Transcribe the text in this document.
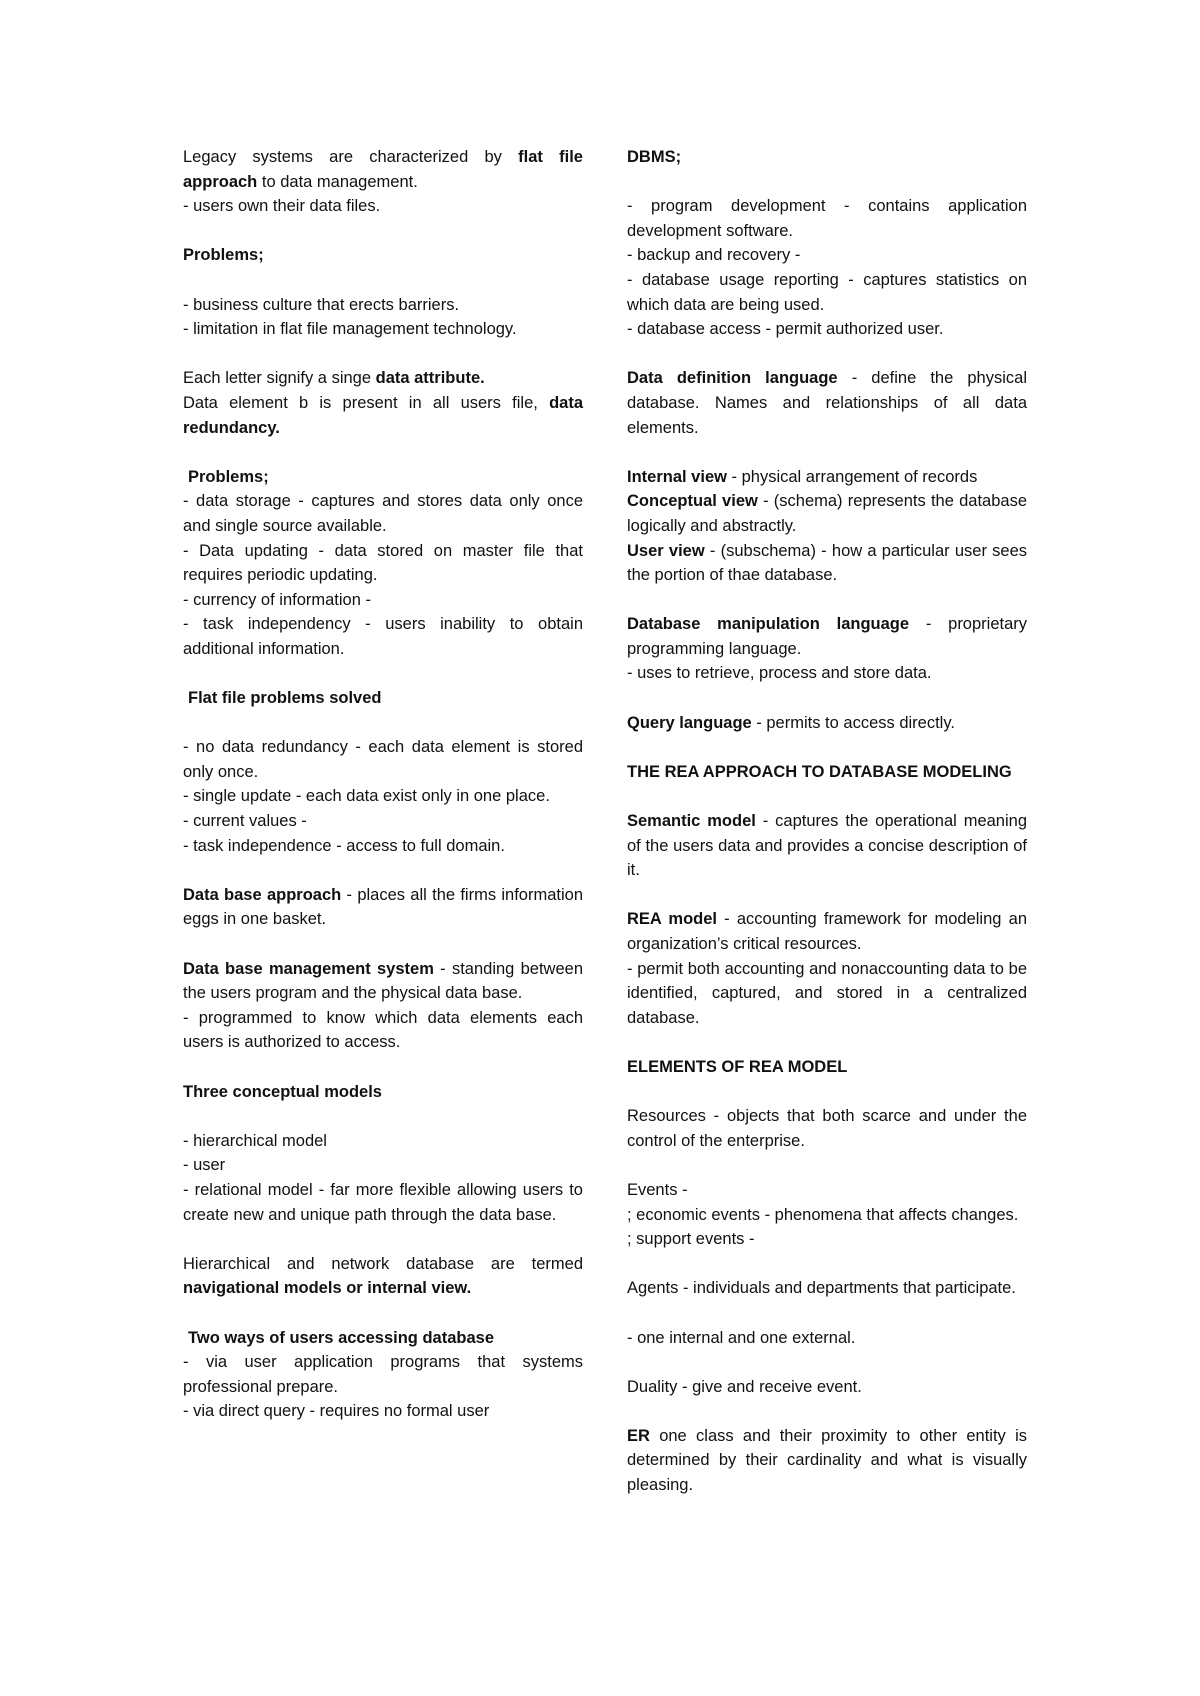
Legacy systems are characterized by flat file approach to data management.
- users own their data files.

Problems;

- business culture that erects barriers.
- limitation in flat file management technology.

Each letter signify a singe data attribute.
Data element b is present in all users file, data redundancy.

Problems;
- data storage - captures and stores data only once and single source available.
- Data updating - data stored on master file that requires periodic updating.
- currency of information -
- task independency - users inability to obtain additional information.

Flat file problems solved

- no data redundancy - each data element is stored only once.
- single update - each data exist only in one place.
- current values -
- task independence - access to full domain.

Data base approach - places all the firms information eggs in one basket.

Data base management system - standing between the users program and the physical data base.
- programmed to know which data elements each users is authorized to access.

Three conceptual models

- hierarchical model
- user
- relational model - far more flexible allowing users to create new and unique path through the data base.

Hierarchical and network database are termed navigational models or internal view.

Two ways of users accessing database
- via user application programs that systems professional prepare.
- via direct query - requires no formal user

DBMS;

- program development - contains application development software.
- backup and recovery -
- database usage reporting - captures statistics on which data are being used.
- database access - permit authorized user.

Data definition language - define the physical database. Names and relationships of all data elements.

Internal view - physical arrangement of records
Conceptual view - (schema) represents the database logically and abstractly.
User view - (subschema) - how a particular user sees the portion of thae database.

Database manipulation language - proprietary programming language.
- uses to retrieve, process and store data.

Query language - permits to access directly.

THE REA APPROACH TO DATABASE MODELING

Semantic model - captures the operational meaning of the users data and provides a concise description of it.

REA model - accounting framework for modeling an organization’s critical resources.
- permit both accounting and nonaccounting data to be identified, captured, and stored in a centralized database.

ELEMENTS OF REA MODEL

Resources - objects that both scarce and under the control of the enterprise.

Events -
; economic events - phenomena that affects changes.
; support events -

Agents - individuals and departments that participate.

- one internal and one external.

Duality - give and receive event.

ER one class and their proximity to other entity is determined by their cardinality and what is visually pleasing.
